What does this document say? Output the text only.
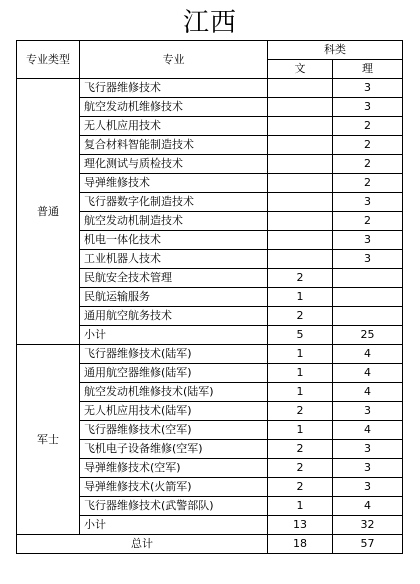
江西
专业类型	专业	科类	
		文	理
普通	飞行器维修技术		3
	航空发动机维修技术		3
	无人机应用技术		2
	复合材料智能制造技术		2
	理化测试与质检技术		2
	导弹维修技术		2
	飞行器数字化制造技术		3
	航空发动机制造技术		2
	机电一体化技术		3
	工业机器人技术		3
	民航安全技术管理	2	
	民航运输服务	1	
	通用航空航务技术	2	
	小计	5	25
军士	飞行器维修技术(陆军)	1	4
	通用航空器维修(陆军)	1	4
	航空发动机维修技术(陆军)	1	4
	无人机应用技术(陆军)	2	3
	飞行器维修技术(空军)	1	4
	飞机电子设备维修(空军)	2	3
	导弹维修技术(空军)	2	3
	导弹维修技术(火箭军)	2	3
	飞行器维修技术(武警部队)	1	4
	小计	13	32
总计		18	57
